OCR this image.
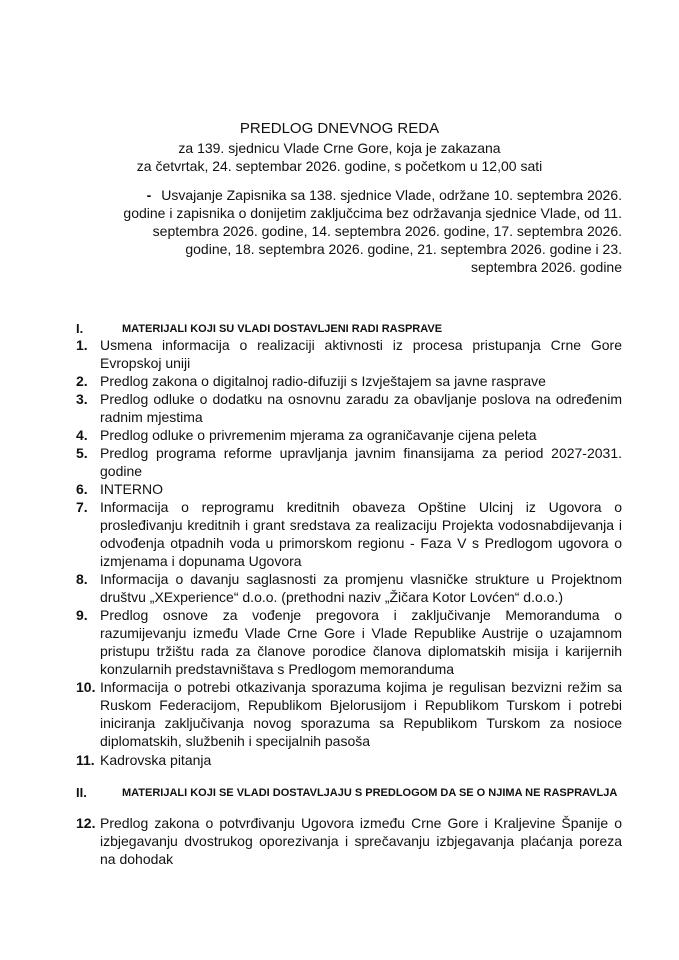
PREDLOG DNEVNOG REDA
za 139. sjednicu Vlade Crne Gore, koja je zakazana
za četvrtak, 24. septembar 2026. godine, s početkom u 12,00 sati
- Usvajanje Zapisnika sa 138. sjednice Vlade, održane 10. septembra 2026.
godine i zapisnika o donijetim zaključcima bez održavanja sjednice Vlade, od 11.
septembra 2026. godine, 14. septembra 2026. godine, 17. septembra 2026.
godine, 18. septembra 2026. godine, 21. septembra 2026. godine i 23.
septembra 2026. godine
I.	MATERIJALI KOJI SU VLADI DOSTAVLJENI RADI RASPRAVE
1. Usmena informacija o realizaciji aktivnosti iz procesa pristupanja Crne Gore Evropskoj uniji
2. Predlog zakona o digitalnoj radio-difuziji s Izvještajem sa javne rasprave
3. Predlog odluke o dodatku na osnovnu zaradu za obavljanje poslova na određenim radnim mjestima
4. Predlog odluke o privremenim mjerama za ograničavanje cijena peleta
5. Predlog programa reforme upravljanja javnim finansijama za period 2027-2031. godine
6. INTERNO
7. Informacija o reprogramu kreditnih obaveza Opštine Ulcinj iz Ugovora o prosleđivanju kreditnih i grant sredstava za realizaciju Projekta vodosnabdijevanja i odvođenja otpadnih voda u primorskom regionu - Faza V s Predlogom ugovora o izmjenama i dopunama Ugovora
8. Informacija o davanju saglasnosti za promjenu vlasničke strukture u Projektnom društvu „XExperience“ d.o.o. (prethodni naziv „Žičara Kotor Lovćen“ d.o.o.)
9. Predlog osnove za vođenje pregovora i zaključivanje Memoranduma o razumijevanju između Vlade Crne Gore i Vlade Republike Austrije o uzajamnom pristupu tržištu rada za članove porodice članova diplomatskih misija i karijernih konzularnih predstavništava s Predlogom memoranduma
10. Informacija o potrebi otkazivanja sporazuma kojima je regulisan bezvizni režim sa Ruskom Federacijom, Republikom Bjelorusijom i Republikom Turskom i potrebi iniciranja zaključivanja novog sporazuma sa Republikom Turskom za nosioce diplomatskih, službenih i specijalnih pasoša
11. Kadrovska pitanja
II.	MATERIJALI KOJI SE VLADI DOSTAVLJAJU S PREDLOGOM DA SE O NJIMA NE RASPRAVLJA
12. Predlog zakona o potvrđivanju Ugovora između Crne Gore i Kraljevine Španije o izbjegavanju dvostrukog oporezivanja i sprečavanju izbjegavanja plaćanja poreza na dohodak
